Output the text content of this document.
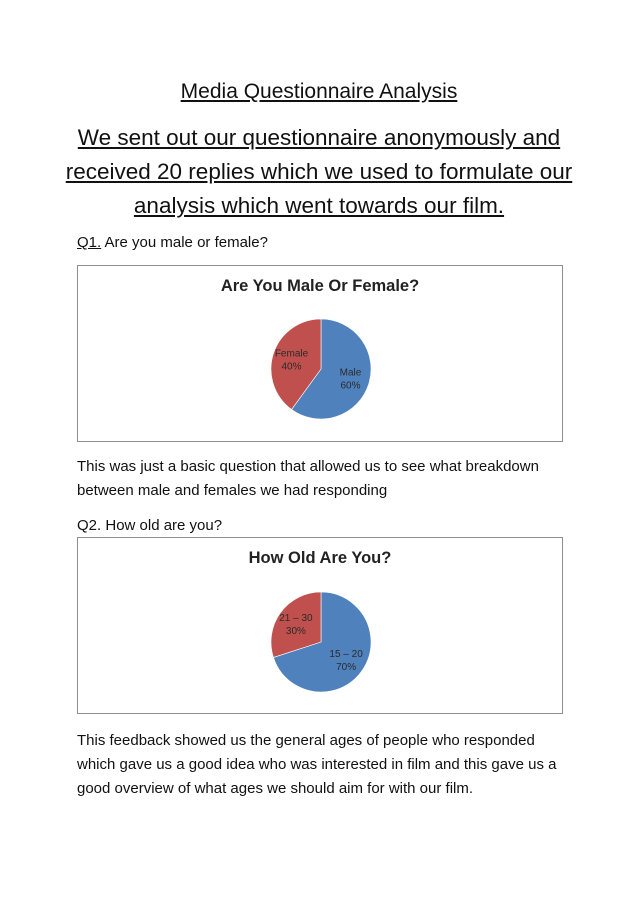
Media Questionnaire Analysis
We sent out our questionnaire anonymously and received 20 replies which we used to formulate our analysis which went towards our film.
Q1. Are you male or female?
Male
60%
Female
40%
Are You Male Or Female?
This was just a basic question that allowed us to see what breakdown between male and females we had responding
Q2. How old are you?
15 – 20
70%
21 – 30
30%
How Old Are You?
This feedback showed us the general ages of people who responded which gave us a good idea who was interested in film and this gave us a good overview of what ages we should aim for with our film.
